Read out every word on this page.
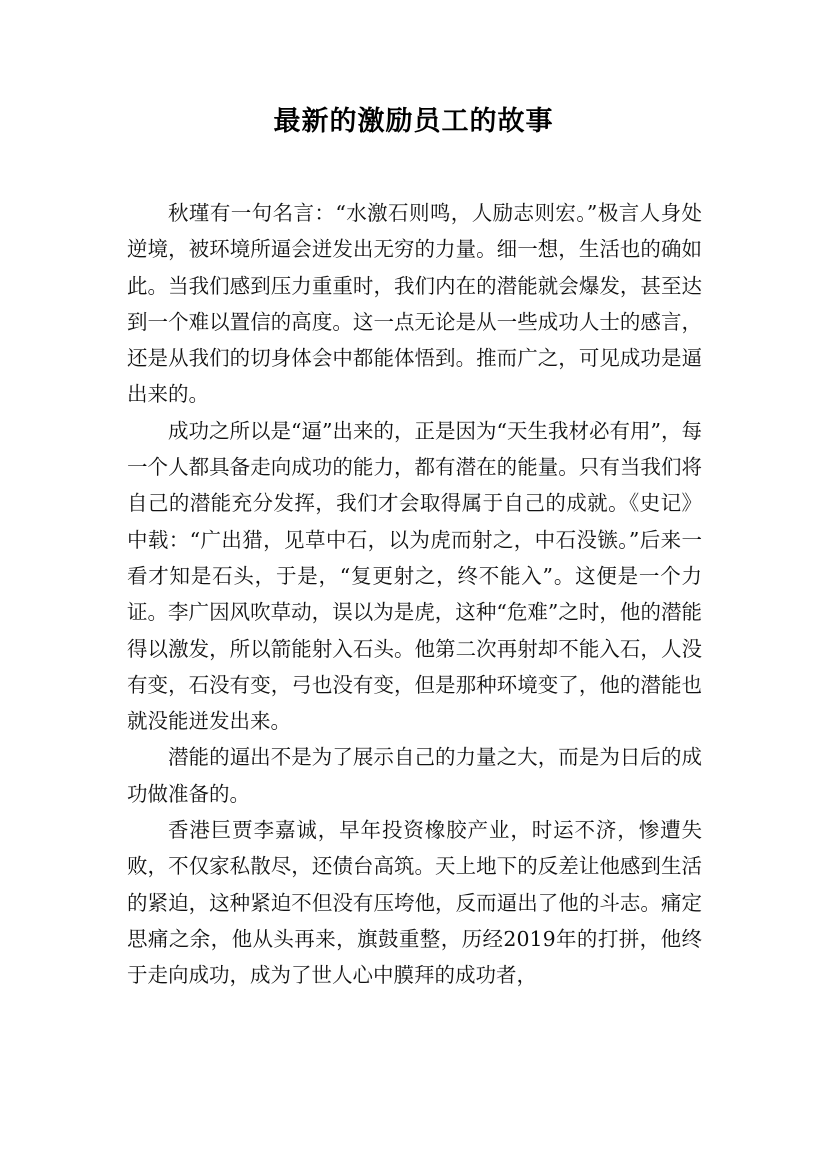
最新的激励员工的故事

秋瑾有一句名言：“水激石则鸣，人励志则宏。”极言人身处逆境，被环境所逼会迸发出无穷的力量。细一想，生活也的确如此。当我们感到压力重重时，我们内在的潜能就会爆发，甚至达到一个难以置信的高度。这一点无论是从一些成功人士的感言，还是从我们的切身体会中都能体悟到。推而广之，可见成功是逼出来的。

成功之所以是“逼”出来的，正是因为“天生我材必有用”，每一个人都具备走向成功的能力，都有潜在的能量。只有当我们将自己的潜能充分发挥，我们才会取得属于自己的成就。《史记》中载：“广出猎，见草中石，以为虎而射之，中石没镞。”后来一看才知是石头，于是，“复更射之，终不能入”。这便是一个力证。李广因风吹草动，误以为是虎，这种“危难”之时，他的潜能得以激发，所以箭能射入石头。他第二次再射却不能入石，人没有变，石没有变，弓也没有变，但是那种环境变了，他的潜能也就没能迸发出来。

潜能的逼出不是为了展示自己的力量之大，而是为日后的成功做准备的。

香港巨贾李嘉诚，早年投资橡胶产业，时运不济，惨遭失败，不仅家私散尽，还债台高筑。天上地下的反差让他感到生活的紧迫，这种紧迫不但没有压垮他，反而逼出了他的斗志。痛定思痛之余，他从头再来，旗鼓重整，历经2019年的打拼，他终于走向成功，成为了世人心中膜拜的成功者，
